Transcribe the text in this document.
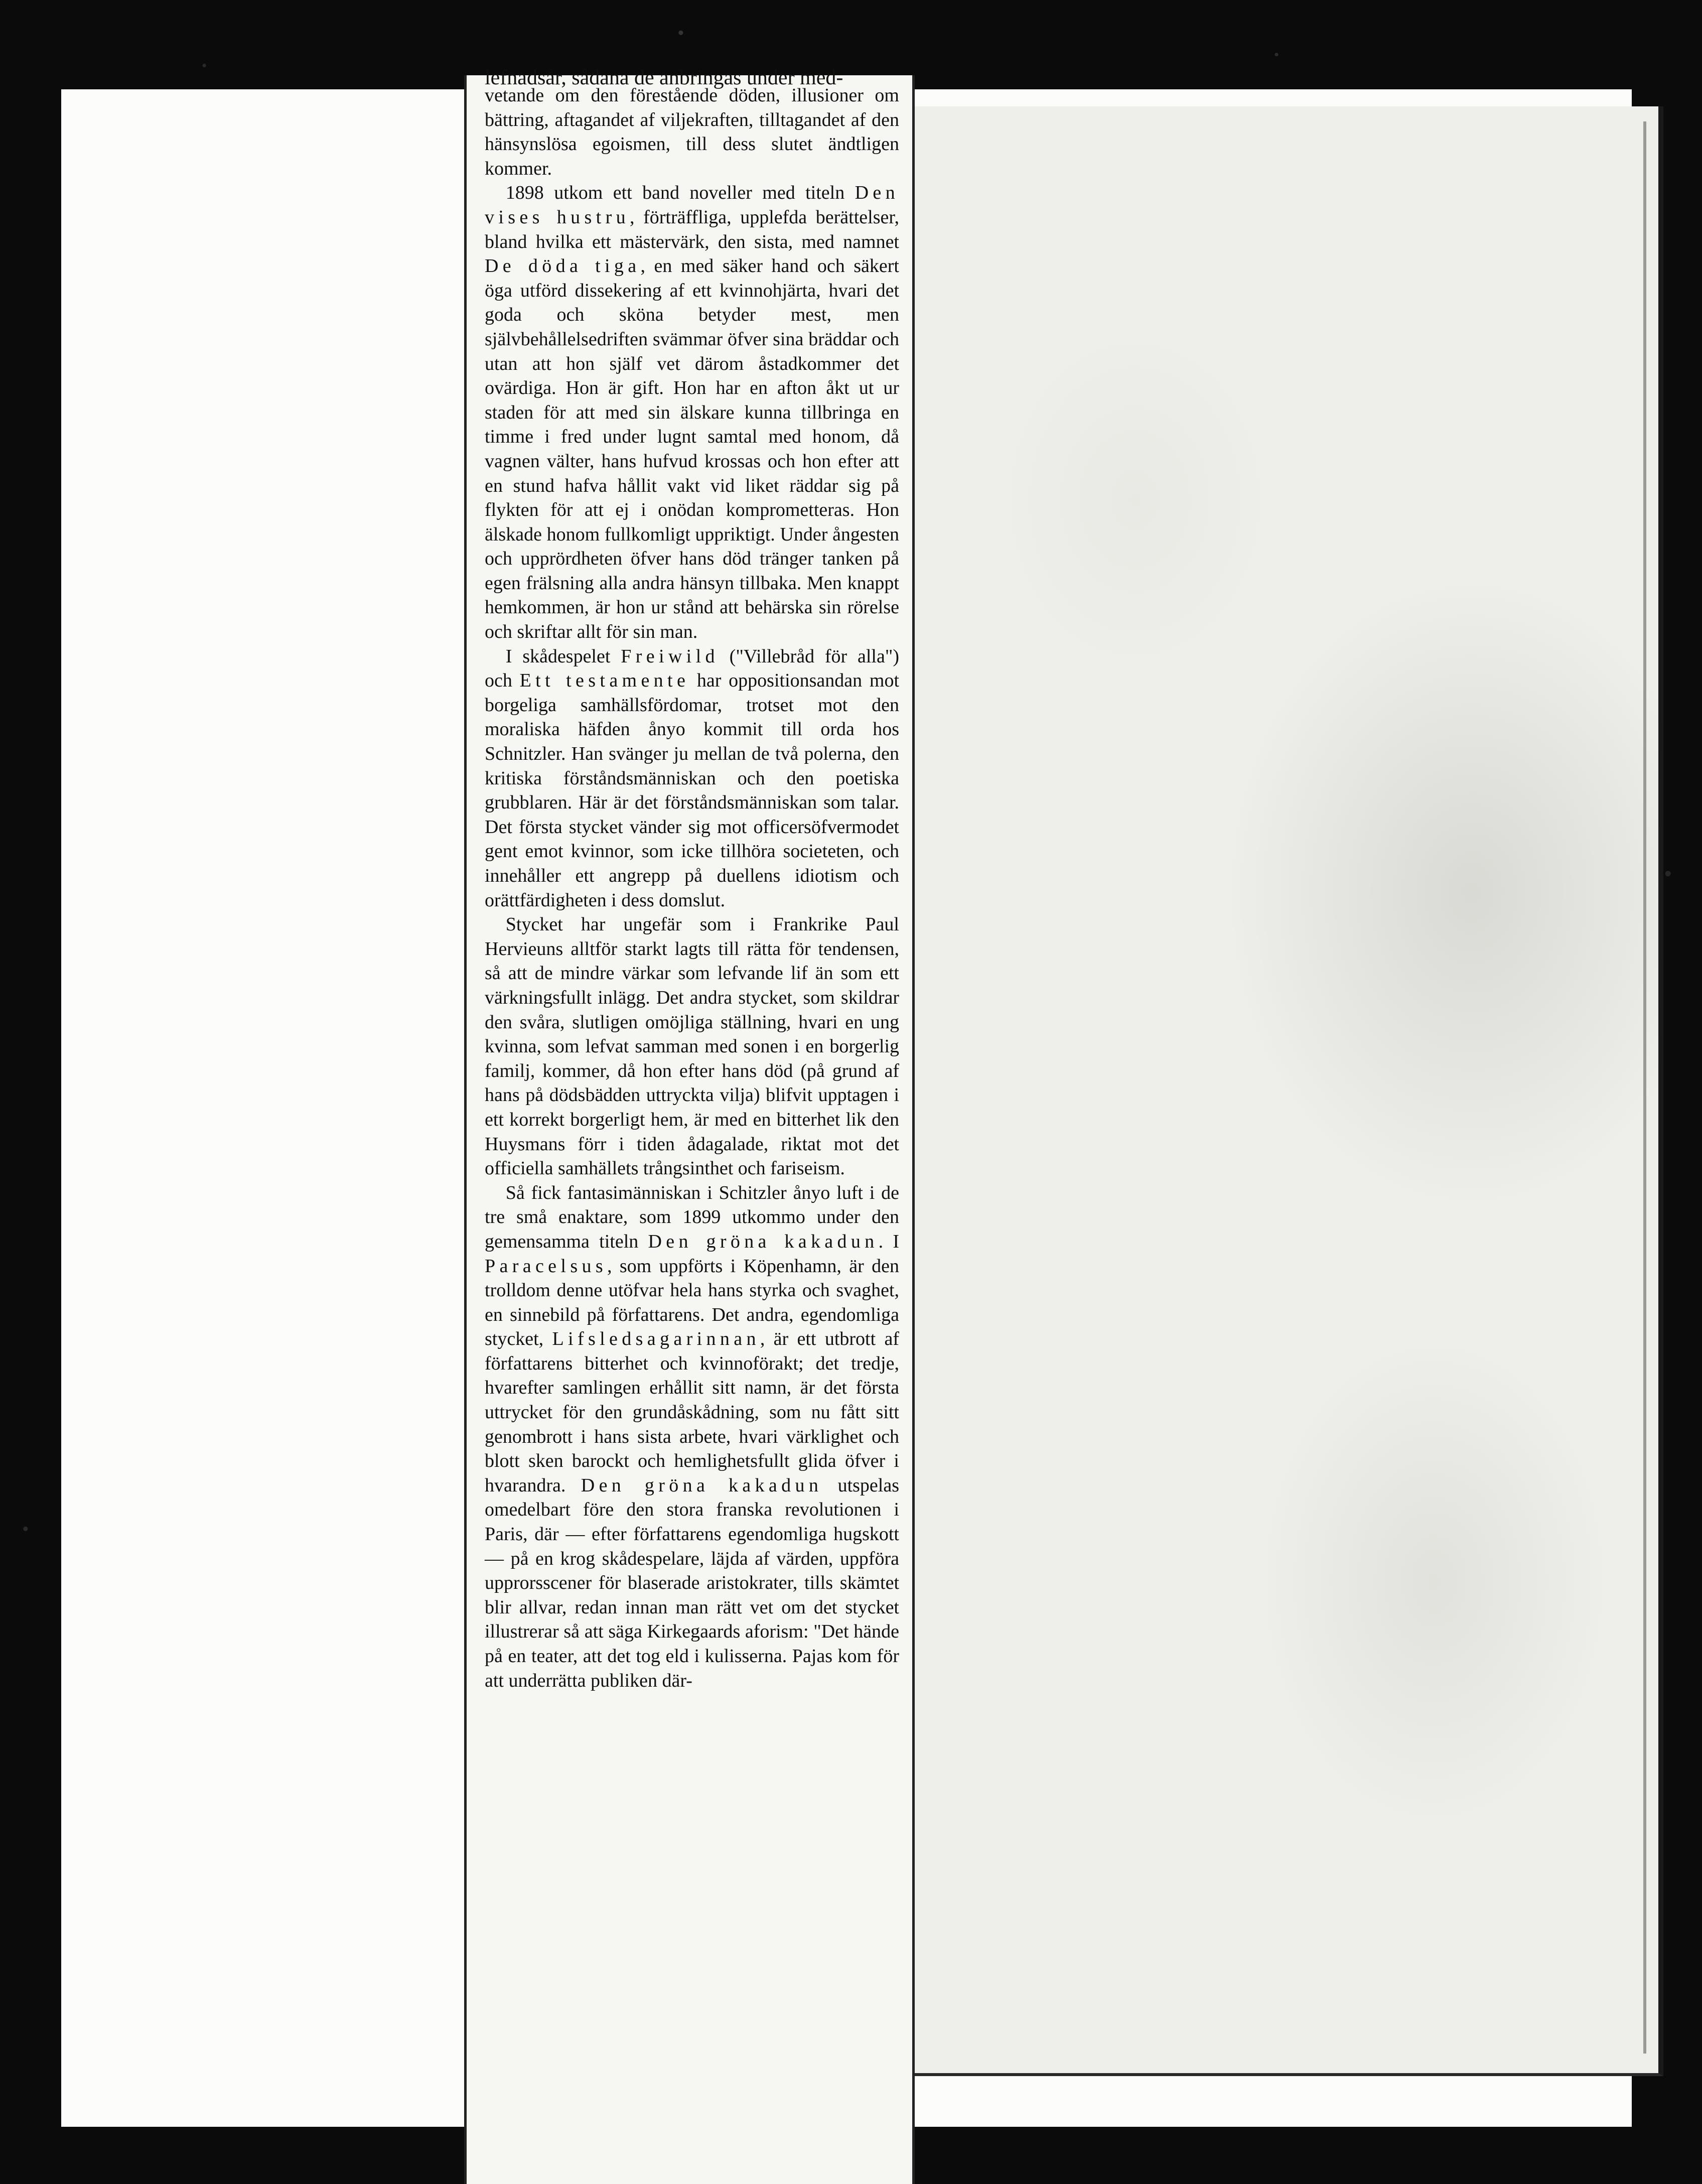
lefnadsår, sådana de anbringas under med-

vetande om den förestående döden, illusioner om bättring, aftagandet af viljekraften, tilltagandet af den hänsynslösa egoismen, till dess slutet ändtligen kommer.

1898 utkom ett band noveller med titeln Den vises hustru, förträffliga, upplefda berättelser, bland hvilka ett mästervärk, den sista, med namnet De döda tiga, en med säker hand och säkert öga utförd dissekering af ett kvinnohjärta, hvari det goda och sköna betyder mest, men självbehållelsedriften svämmar öfver sina bräddar och utan att hon själf vet därom åstadkommer det ovärdiga. Hon är gift. Hon har en afton åkt ut ur staden för att med sin älskare kunna tillbringa en timme i fred under lugnt samtal med honom, då vagnen välter, hans hufvud krossas och hon efter att en stund hafva hållit vakt vid liket räddar sig på flykten för att ej i onödan komprometteras. Hon älskade honom fullkomligt uppriktigt. Under ångesten och upprördheten öfver hans död tränger tanken på egen frälsning alla andra hänsyn tillbaka. Men knappt hemkommen, är hon ur stånd att behärska sin rörelse och skriftar allt för sin man.

I skådespelet Freiwild ("Villebråd för alla") och Ett testamente har oppositionsandan mot borgeliga samhällsfördomar, trotset mot den moraliska häfden ånyo kommit till orda hos Schnitzler. Han svänger ju mellan de två polerna, den kritiska förståndsmänniskan och den poetiska grubblaren. Här är det förståndsmänniskan som talar. Det första stycket vänder sig mot officersöfvermodet gent emot kvinnor, som icke tillhöra societeten, och innehåller ett angrepp på duellens idiotism och orättfärdigheten i dess domslut.

Stycket har ungefär som i Frankrike Paul Hervieuns alltför starkt lagts till rätta för tendensen, så att de mindre värkar som lefvande lif än som ett värkningsfullt inlägg. Det andra stycket, som skildrar den svåra, slutligen omöjliga ställning, hvari en ung kvinna, som lefvat samman med sonen i en borgerlig familj, kommer, då hon efter hans död (på grund af hans på dödsbädden uttryckta vilja) blifvit upptagen i ett korrekt borgerligt hem, är med en bitterhet lik den Huysmans förr i tiden ådagalade, riktat mot det officiella samhällets trångsinthet och fariseism.

Så fick fantasimänniskan i Schitzler ånyo luft i de tre små enaktare, som 1899 utkommo under den gemensamma titeln Den gröna kakadun. I Paracelsus, som uppförts i Köpenhamn, är den trolldom denne utöfvar hela hans styrka och svaghet, en sinnebild på författarens. Det andra, egendomliga stycket, Lifsledsagarinnan, är ett utbrott af författarens bitterhet och kvinnoförakt; det tredje, hvarefter samlingen erhållit sitt namn, är det första uttrycket för den grundåskådning, som nu fått sitt genombrott i hans sista arbete, hvari värklighet och blott sken barockt och hemlighetsfullt glida öfver i hvarandra. Den gröna kakadun utspelas omedelbart före den stora franska revolutionen i Paris, där — efter författarens egendomliga hugskott — på en krog skådespelare, läjda af värden, uppföra upprorsscener för blaserade aristokrater, tills skämtet blir allvar, redan innan man rätt vet om det stycket illustrerar så att säga Kirkegaards aforism: "Det hände på en teater, att det tog eld i kulisserna. Pajas kom för att underrätta publiken där-
